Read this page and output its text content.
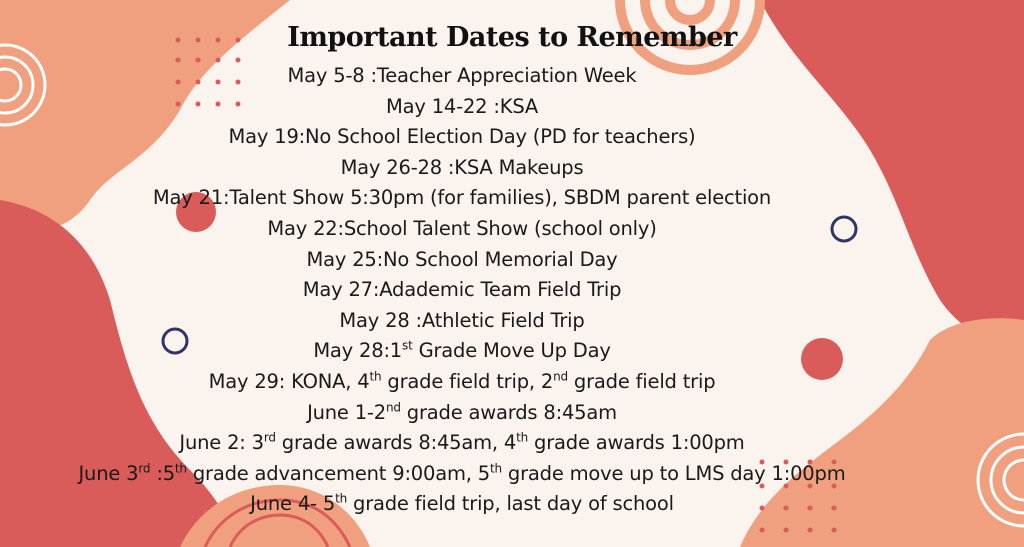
Important Dates to Remember
May 5-8 :Teacher Appreciation Week
May 14-22 :KSA
May 19:No School Election Day (PD for teachers)
May 26-28 :KSA Makeups
May 21:Talent Show 5:30pm (for families), SBDM parent election
May 22:School Talent Show (school only)
May 25:No School Memorial Day
May 27:Adademic Team Field Trip
May 28 :Athletic Field Trip
May 28:1st Grade Move Up Day
May 29: KONA, 4th grade field trip, 2nd grade field trip
June 1-2nd grade awards 8:45am
June 2: 3rd grade awards 8:45am, 4th grade awards 1:00pm
June 3rd :5th grade advancement 9:00am, 5th grade move up to LMS day 1:00pm
June 4- 5th grade field trip, last day of school
